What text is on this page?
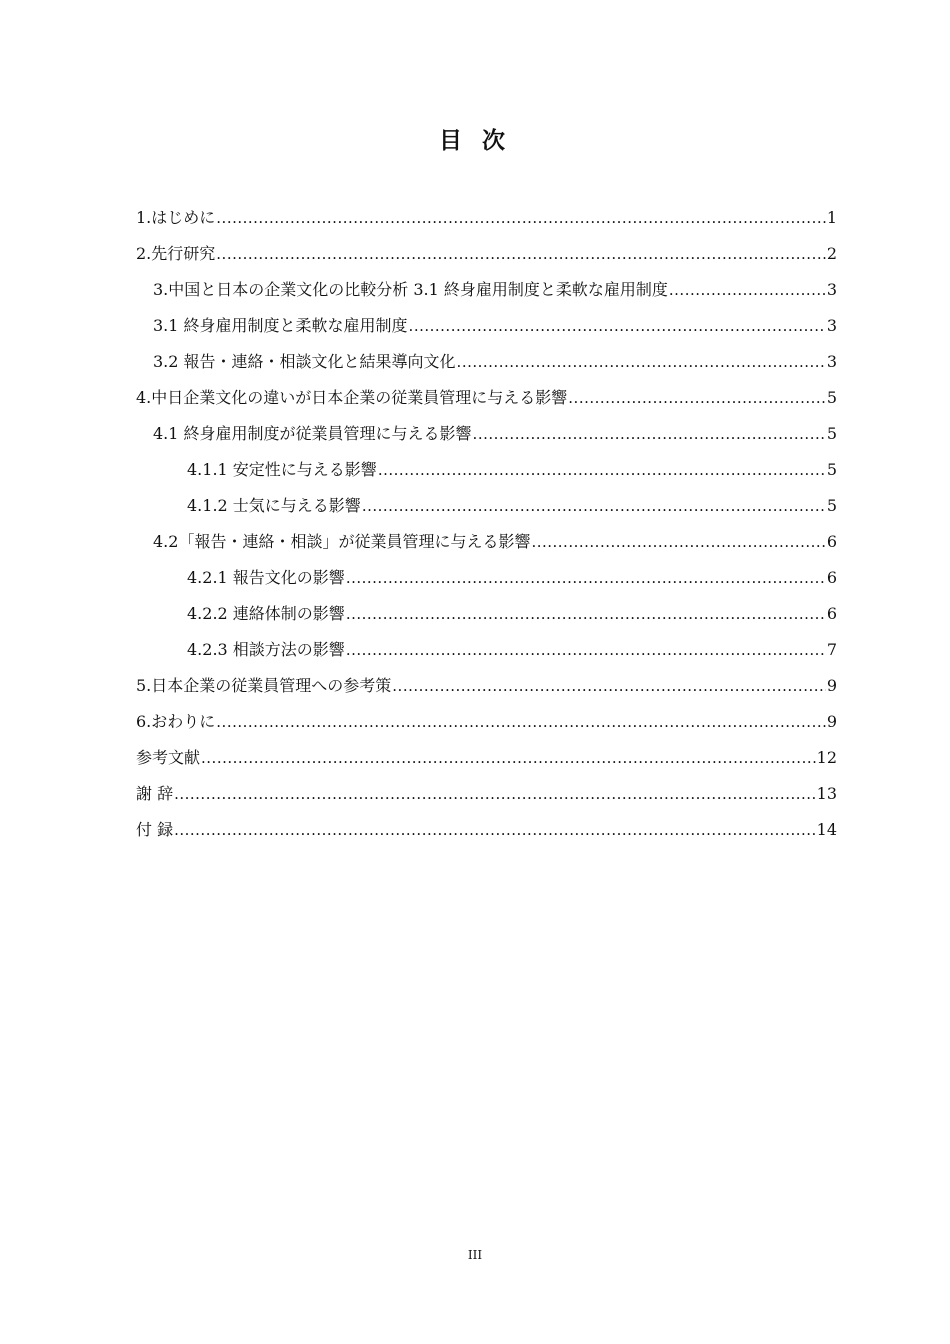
目 次
1.はじめに .....	1
2.先行研究 .....	2
3.中国と日本の企業文化の比較分析 3.1 終身雇用制度と柔軟な雇用制度 .....	3
3.1 終身雇用制度と柔軟な雇用制度 .....	3
3.2 報告・連絡・相談文化と結果導向文化 .....	3
4.中日企業文化の違いが日本企業の従業員管理に与える影響 .....	5
4.1 終身雇用制度が従業員管理に与える影響 .....	5
4.1.1 安定性に与える影響 .....	5
4.1.2 士気に与える影響 .....	5
4.2「報告・連絡・相談」が従業員管理に与える影響 .....	6
4.2.1 報告文化の影響 .....	6
4.2.2 連絡体制の影響 .....	6
4.2.3 相談方法の影響 .....	7
5.日本企業の従業員管理への参考策 .....	9
6.おわりに .....	9
参考文献 .....	12
謝 辞 .....	13
付 録 .....	14
III
